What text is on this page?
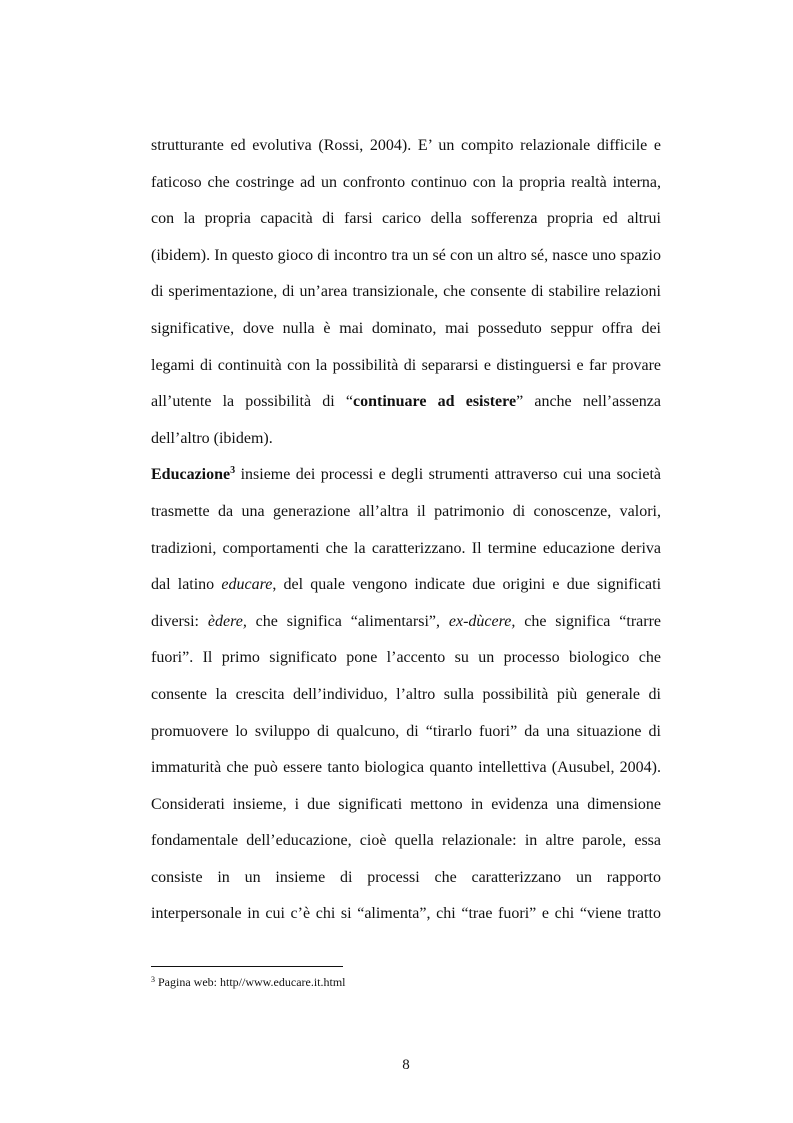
strutturante ed evolutiva (Rossi, 2004). E’ un compito relazionale difficile e
faticoso che costringe ad un confronto continuo con la propria realtà interna,
con la propria capacità di farsi carico della sofferenza propria ed altrui
(ibidem). In questo gioco di incontro tra un sé con un altro sé, nasce uno spazio
di sperimentazione, di un’area transizionale, che consente di stabilire relazioni
significative, dove nulla è mai dominato, mai posseduto seppur offra dei
legami di continuità con la possibilità di separarsi e distinguersi e far provare
all’utente la possibilità di “continuare ad esistere” anche nell’assenza
dell’altro (ibidem).
Educazione$^3$ insieme dei processi e degli strumenti attraverso cui una società
trasmette da una generazione all’altra il patrimonio di conoscenze, valori,
tradizioni, comportamenti che la caratterizzano. Il termine educazione deriva
dal latino educare, del quale vengono indicate due origini e due significati
diversi: èdere, che significa “alimentarsi”, ex-dùcere, che significa “trarre
fuori”. Il primo significato pone l’accento su un processo biologico che
consente la crescita dell’individuo, l’altro sulla possibilità più generale di
promuovere lo sviluppo di qualcuno, di “tirarlo fuori” da una situazione di
immaturità che può essere tanto biologica quanto intellettiva (Ausubel, 2004).
Considerati insieme, i due significati mettono in evidenza una dimensione
fondamentale dell’educazione, cioè quella relazionale: in altre parole, essa
consiste in un insieme di processi che caratterizzano un rapporto
interpersonale in cui c’è chi si “alimenta”, chi “trae fuori” e chi “viene tratto
$^3$ Pagina web: http//www.educare.it.html
8
